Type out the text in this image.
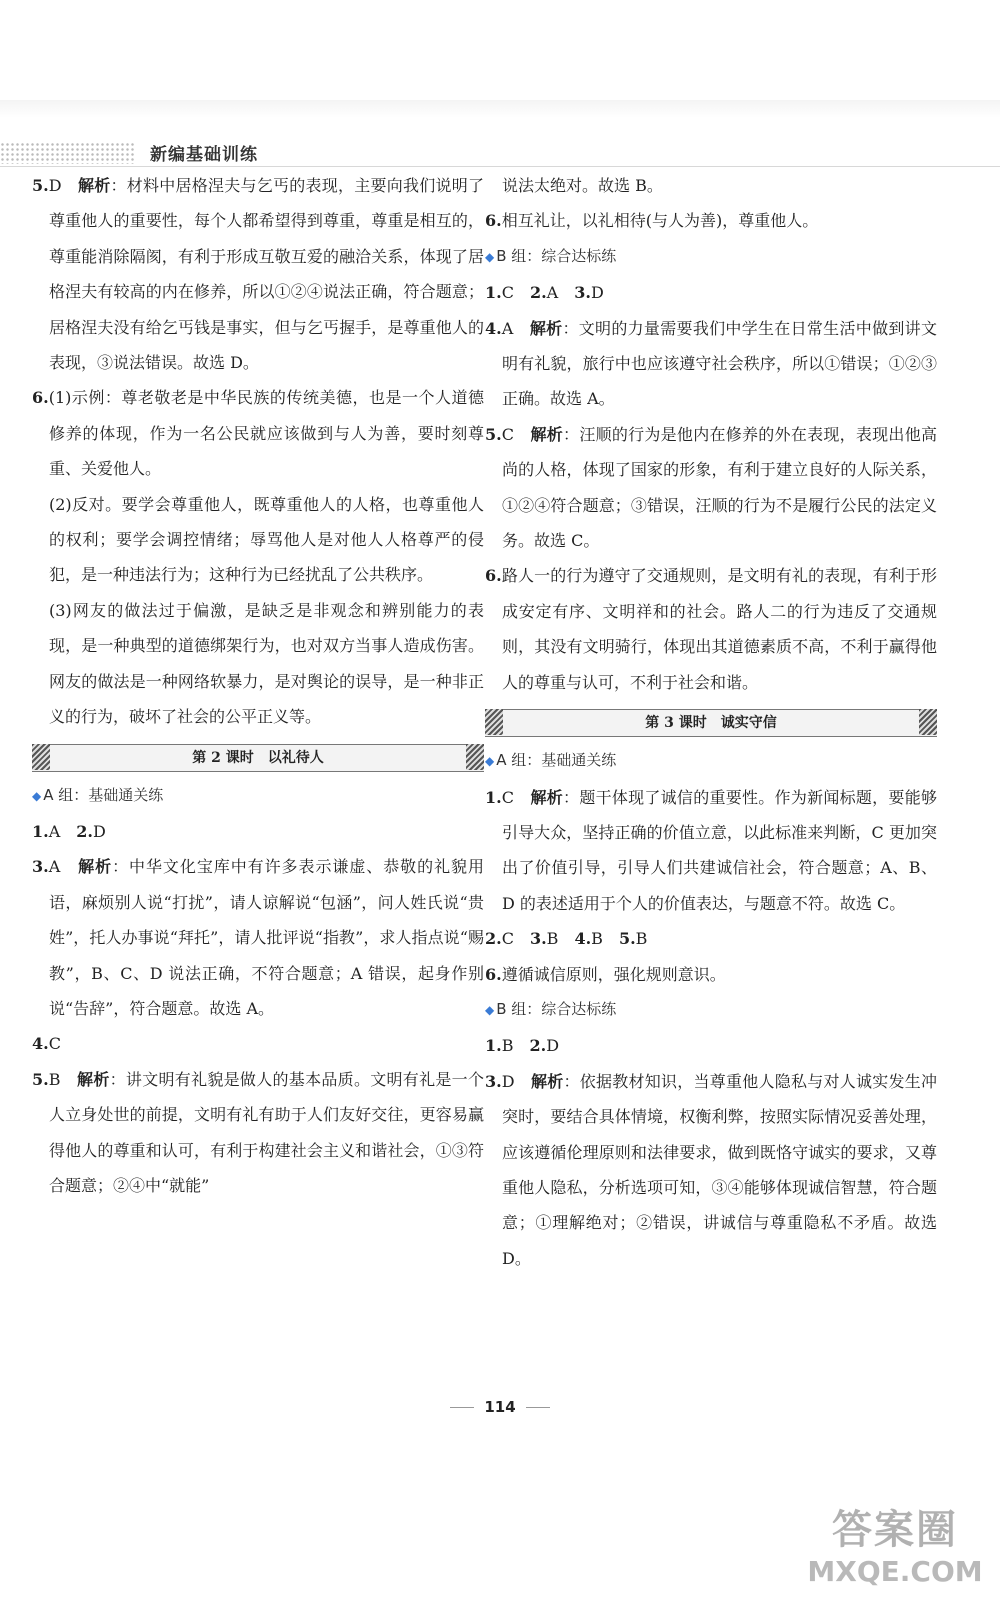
新编基础训练

5.D　 解析：材料中居格涅夫与乞丐的表现，主要向我们说明了尊重他人的重要性，每个人都希望得到尊重，尊重是相互的，尊重能消除隔阂，有利于形成互敬互爱的融洽关系，体现了居格涅夫有较高的内在修养，所以①②④说法正确，符合题意；居格涅夫没有给乞丐钱是事实，但与乞丐握手，是尊重他人的表现，③说法错误。故选 D。

6.(1)示例：尊老敬老是中华民族的传统美德，也是一个人道德修养的体现，作为一名公民就应该做到与人为善，要时刻尊重、关爱他人。

(2)反对。要学会尊重他人，既尊重他人的人格，也尊重他人的权利；要学会调控情绪；辱骂他人是对他人人格尊严的侵犯，是一种违法行为；这种行为已经扰乱了公共秩序。

(3)网友的做法过于偏激，是缺乏是非观念和辨别能力的表现，是一种典型的道德绑架行为，也对双方当事人造成伤害。网友的做法是一种网络软暴力，是对舆论的误导，是一种非正义的行为，破坏了社会的公平正义等。

第 2 课时　以礼待人

◆ A 组：基础通关练

1.A　 2.D

3.A　 解析：中华文化宝库中有许多表示谦虚、恭敬的礼貌用语，麻烦别人说“打扰”，请人谅解说“包涵”，问人姓氏说“贵姓”，托人办事说“拜托”，请人批评说“指教”，求人指点说“赐教”，B、C、D 说法正确，不符合题意；A 错误，起身作别说“告辞”，符合题意。故选 A。

4.C

5.B　 解析：讲文明有礼貌是做人的基本品质。文明有礼是一个人立身处世的前提，文明有礼有助于人们友好交往，更容易赢得他人的尊重和认可，有利于构建社会主义和谐社会，①③符合题意；②④中“就能”

说法太绝对。故选 B。

6.相互礼让，以礼相待(与人为善)，尊重他人。

◆ B 组：综合达标练

1.C　 2.A　 3.D

4.A　 解析：文明的力量需要我们中学生在日常生活中做到讲文明有礼貌，旅行中也应该遵守社会秩序，所以①错误；①②③正确。故选 A。

5.C　 解析：汪顺的行为是他内在修养的外在表现，表现出他高尚的人格，体现了国家的形象，有利于建立良好的人际关系，①②④符合题意；③错误，汪顺的行为不是履行公民的法定义务。故选 C。

6.路人一的行为遵守了交通规则，是文明有礼的表现，有利于形成安定有序、文明祥和的社会。路人二的行为违反了交通规则，其没有文明骑行，体现出其道德素质不高，不利于赢得他人的尊重与认可，不利于社会和谐。

第 3 课时　诚实守信

◆ A 组：基础通关练

1.C　 解析：题干体现了诚信的重要性。作为新闻标题，要能够引导大众，坚持正确的价值立意，以此标准来判断，C 更加突出了价值引导，引导人们共建诚信社会，符合题意；A、B、D 的表述适用于个人的价值表达，与题意不符。故选 C。

2.C　 3.B　 4.B　 5.B

6.遵循诚信原则，强化规则意识。

◆ B 组：综合达标练

1.B　 2.D

3.D　 解析：依据教材知识，当尊重他人隐私与对人诚实发生冲突时，要结合具体情境，权衡利弊，按照实际情况妥善处理，应该遵循伦理原则和法律要求，做到既恪守诚实的要求，又尊重他人隐私，分析选项可知，③④能够体现诚信智慧，符合题意；①理解绝对；②错误，讲诚信与尊重隐私不矛盾。故选 D。

114
答案圈
MXQE.COM
